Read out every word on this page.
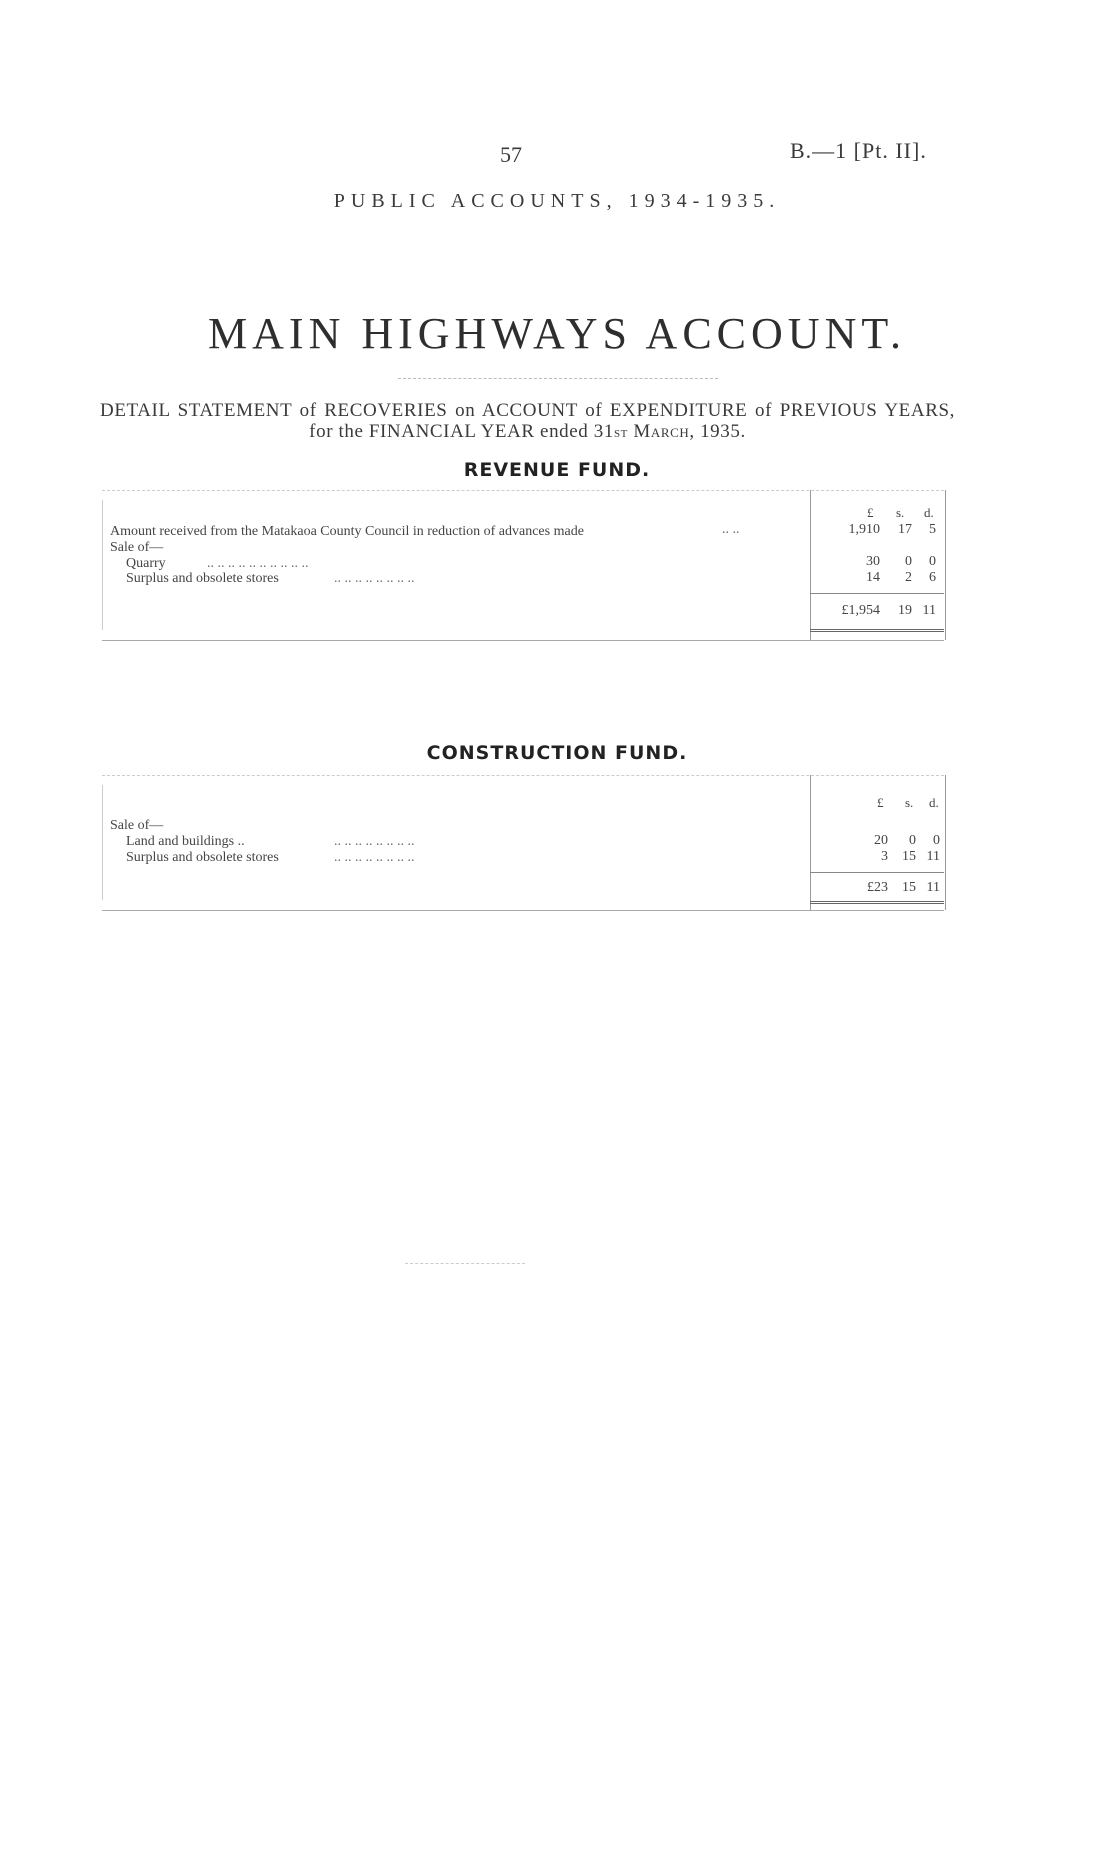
57	B.—1 [Pt. II].
PUBLIC ACCOUNTS, 1934-1935.
MAIN HIGHWAYS ACCOUNT.
DETAIL STATEMENT of RECOVERIES on ACCOUNT of EXPENDITURE of PREVIOUS YEARS, for the FINANCIAL YEAR ended 31st March, 1935.
REVENUE FUND.
£ s. d.
Amount received from the Matakaoa County Council in reduction of advances made	.. ..	1,910	17	5
Sale of—
Quarry	.. .. .. .. .. .. .. .. .. ..	30	0	0
Surplus and obsolete stores	.. .. .. .. .. .. .. ..	14	2	6
£1,954	19 11
CONSTRUCTION FUND.
£ s. d.
Sale of—
Land and buildings ..	.. .. .. .. .. .. .. ..	20	0	0
Surplus and obsolete stores	.. .. .. .. .. .. .. ..	3	15 11
£23	15 11
